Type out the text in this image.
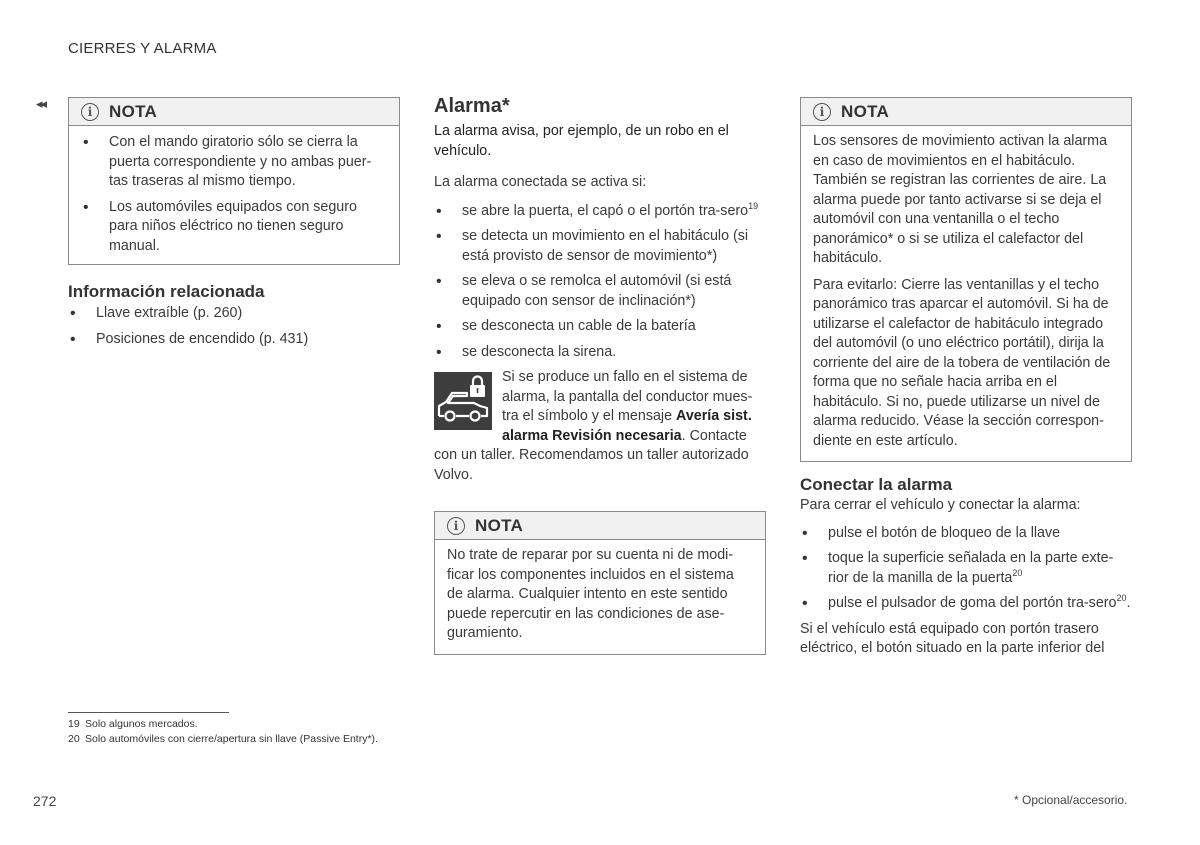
CIERRES Y ALARMA
◂◂
i NOTA
• Con el mando giratorio sólo se cierra la puerta correspondiente y no ambas puer-tas traseras al mismo tiempo.
• Los automóviles equipados con seguro para niños eléctrico no tienen seguro manual.
Información relacionada
• Llave extraíble (p. 260)
• Posiciones de encendido (p. 431)
Alarma*

La alarma avisa, por ejemplo, de un robo en el vehículo.

La alarma conectada se activa si:

• se abre la puerta, el capó o el portón tra-sero$^{19}$
• se detecta un movimiento en el habitáculo (si está provisto de sensor de movimiento*)
• se eleva o se remolca el automóvil (si está equipado con sensor de inclinación*)
• se desconecta un cable de la batería
• se desconecta la sirena.

Si se produce un fallo en el sistema de alarma, la pantalla del conductor mues-tra el símbolo y el mensaje Avería sist. alarma Revisión necesaria. Contacte con un taller. Recomendamos un taller autorizado Volvo.

i NOTA

No trate de reparar por su cuenta ni de modi-ficar los componentes incluidos en el sistema de alarma. Cualquier intento en este sentido puede repercutir en las condiciones de ase-guramiento.

i NOTA

Los sensores de movimiento activan la alarma en caso de movimientos en el habitáculo. También se registran las corrientes de aire. La alarma puede por tanto activarse si se deja el automóvil con una ventanilla o el techo panorámico* o si se utiliza el calefactor del habitáculo.

Para evitarlo: Cierre las ventanillas y el techo panorámico tras aparcar el automóvil. Si ha de utilizarse el calefactor de habitáculo integrado del automóvil (o uno eléctrico portátil), dirija la corriente del aire de la tobera de ventilación de forma que no señale hacia arriba en el habitáculo. Si no, puede utilizarse un nivel de alarma reducido. Véase la sección correspon-diente en este artículo.

Conectar la alarma

Para cerrar el vehículo y conectar la alarma:

• pulse el botón de bloqueo de la llave
• toque la superficie señalada en la parte exte-rior de la manilla de la puerta$^{20}$
• pulse el pulsador de goma del portón tra-sero$^{20}$.

Si el vehículo está equipado con portón trasero eléctrico, el botón situado en la parte inferior del

19 Solo algunos mercados.
20 Solo automóviles con cierre/apertura sin llave (Passive Entry*).
272	* Opcional/accesorio.
